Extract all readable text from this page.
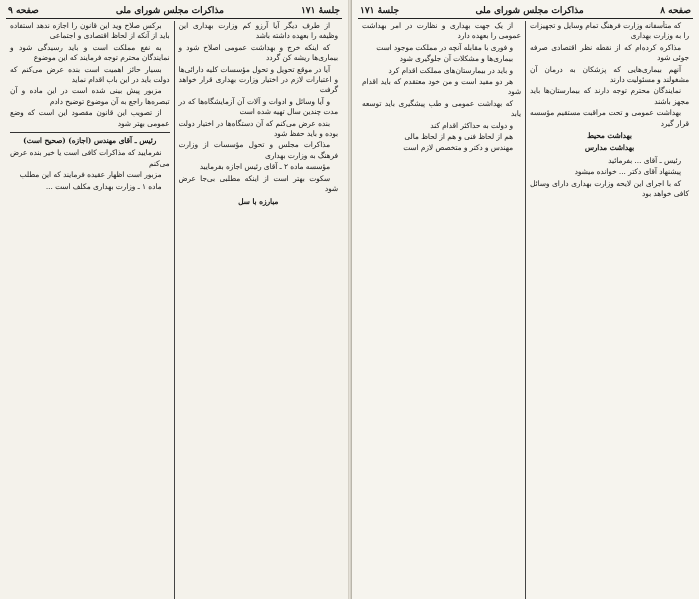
صفحه ۸
مذاکرات مجلس شورای ملی
جلسهٔ ۱۷۱

که متأسفانه وزارت فرهنگ تمام وسایل و تجهیزات را به وزارت بهداری

مذاکره کرده‌ام که از نقطه نظر اقتصادی صرفه جوئی شود

آنهم بیماری‌هایی که پزشکان به درمان آن مشغولند و مسئولیت دارند

نمایندگان محترم توجه دارند که بیمارستان‌ها باید مجهز باشند

بهداشت عمومی و تحت مراقبت مستقیم مؤسسه قرار گیرد

بهداشت محیط

بهداشت مدارس

رئیس ـ آقای ... بفرمائید

پیشنهاد آقای دکتر ... خوانده میشود

که با اجرای این لایحه وزارت بهداری دارای وسائل کافی خواهد بود

از یک جهت بهداری و نظارت در امر بهداشت عمومی را بعهده دارد

و فوری با مقابله آنچه در مملکت موجود است

بیماری‌ها و مشکلات آن جلوگیری شود

و باید در بیمارستان‌های مملکت اقدام کرد

هر دو مفید است و من خود معتقدم که باید اقدام شود

که بهداشت عمومی و طب پیشگیری باید توسعه یابد

و دولت به حداکثر اقدام کند

هم از لحاظ فنی و هم از لحاظ مالی

مهندس و دکتر و متخصص لازم است

جلسهٔ ۱۷۱
مذاکرات مجلس شورای ملی
صفحه ۹

از طرف دیگر آیا آرزو کم وزارت بهداری این وظیفه را بعهده داشته باشد

که اینکه خرج و بهداشت عمومی اصلاح شود و بیماری‌ها ریشه کن گردد

آیا در موقع تحویل و تحول مؤسسات کلیه دارائی‌ها و اعتبارات لازم در اختیار وزارت بهداری قرار خواهد گرفت

و آیا وسائل و ادوات و آلات آن آزمایشگاه‌ها که در مدت چندین سال تهیه شده است

بنده عرض می‌کنم که آن دستگاه‌ها در اختیار دولت بوده و باید حفظ شود

مذاکرات مجلس و تحول مؤسسات از وزارت فرهنگ به وزارت بهداری

مؤسسه ماده ۲ ـ آقای رئیس اجازه بفرمایید

سکوت بهتر است از اینکه مطلبی بی‌جا عرض شود

مبارزه با سل

برکس صلاح وید این قانون را اجازه ندهد استفاده باید از آنکه از لحاظ اقتصادی و اجتماعی

به نفع مملکت است و باید رسیدگی شود و نمایندگان محترم توجه فرمایند که این موضوع

بسیار حائز اهمیت است بنده عرض می‌کنم که دولت باید در این باب اقدام نماید

مزبور پیش بینی شده است در این ماده و آن تبصره‌ها راجع به آن موضوع توضیح دادم

از تصویب این قانون مقصود این است که وضع عمومی بهتر شود

رئیس ـ آقای مهندس (اجازه) (صحیح است)

نفرمایید که مذاکرات کافی است یا خیر بنده عرض می‌کنم

مزبور است اظهار عقیده فرمایند که این مطلب

ماده ۱ ـ وزارت بهداری مکلف است ...
